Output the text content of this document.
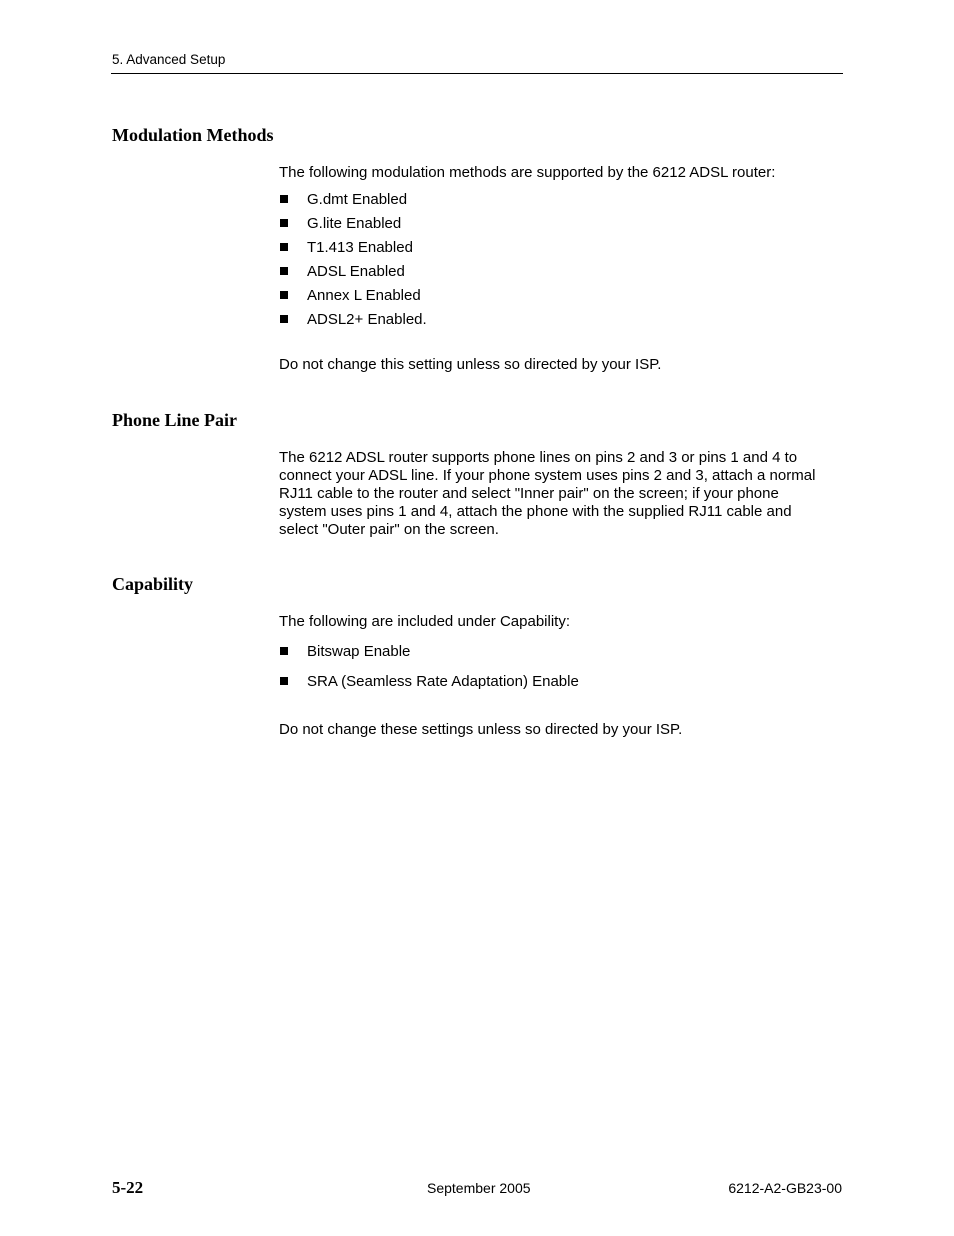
5. Advanced Setup
Modulation Methods
The following modulation methods are supported by the 6212 ADSL router:
G.dmt Enabled
G.lite Enabled
T1.413 Enabled
ADSL Enabled
Annex L Enabled
ADSL2+ Enabled.
Do not change this setting unless so directed by your ISP.
Phone Line Pair
The 6212 ADSL router supports phone lines on pins 2 and 3 or pins 1 and 4 to
connect your ADSL line. If your phone system uses pins 2 and 3, attach a normal
RJ11 cable to the router and select "Inner pair" on the screen; if your phone
system uses pins 1 and 4, attach the phone with the supplied RJ11 cable and
select "Outer pair" on the screen.
Capability
The following are included under Capability:
Bitswap Enable
SRA (Seamless Rate Adaptation) Enable
Do not change these settings unless so directed by your ISP.
5-22	September 2005	6212-A2-GB23-00
